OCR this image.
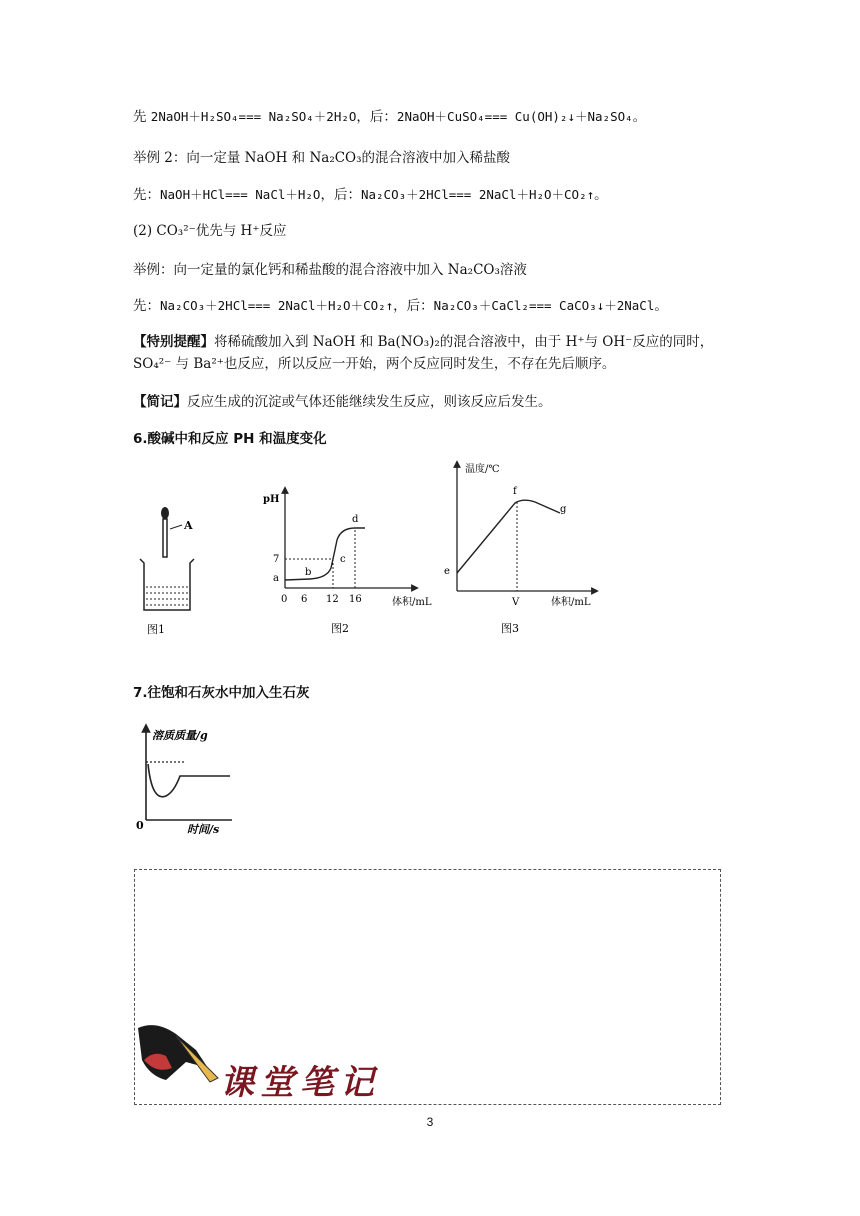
先 2NaOH＋H₂SO₄=== Na₂SO₄＋2H₂O，后：2NaOH＋CuSO₄=== Cu(OH)₂↓＋Na₂SO₄。
举例 2：向一定量 NaOH 和 Na₂CO₃的混合溶液中加入稀盐酸
先：NaOH＋HCl=== NaCl＋H₂O，后：Na₂CO₃＋2HCl=== 2NaCl＋H₂O＋CO₂↑。
(2) CO₃²⁻优先与 H⁺反应
举例：向一定量的氯化钙和稀盐酸的混合溶液中加入 Na₂CO₃溶液
先：Na₂CO₃＋2HCl=== 2NaCl＋H₂O＋CO₂↑，后：Na₂CO₃＋CaCl₂=== CaCO₃↓＋2NaCl。
【特别提醒】将稀硫酸加入到 NaOH 和 Ba(NO₃)₂的混合溶液中，由于 H⁺与 OH⁻反应的同时，
SO₄²⁻ 与 Ba²⁺也反应，所以反应一开始，两个反应同时发生，不存在先后顺序。
【简记】反应生成的沉淀或气体还能继续发生反应，则该反应后发生。
6.酸碱中和反应 PH 和温度变化
A
图1
pH
7
a
b
c
d
0 6 12 16	体积/mL
图2
温度/℃
e
f
g
V	体积/mL
图3
7.往饱和石灰水中加入生石灰
溶质质量/g
0	时间/s
课堂笔记
3
